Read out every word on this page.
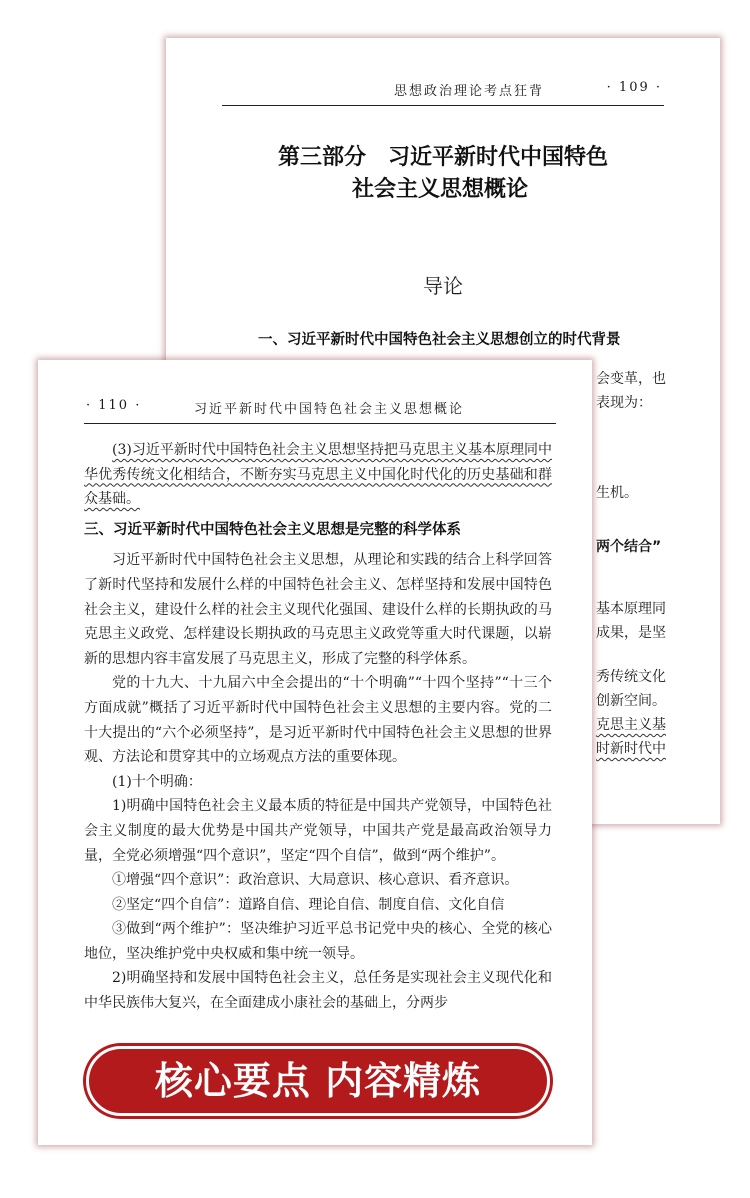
思想政治理论考点狂背	· 109 ·
第三部分　习近平新时代中国特色
社会主义思想概论
导论
一、习近平新时代中国特色社会主义思想创立的时代背景
会变革，也
表现为：
生机。
两个结合”
基本原理同
成果，是坚
秀传统文化
创新空间。
克思主义基
时新时代中
· 110 ·	习近平新时代中国特色社会主义思想概论

(3)习近平新时代中国特色社会主义思想坚持把马克思主义基本原理同中华优秀传统文化相结合，不断夯实马克思主义中国化时代化的历史基础和群众基础。

三、习近平新时代中国特色社会主义思想是完整的科学体系

习近平新时代中国特色社会主义思想，从理论和实践的结合上科学回答了新时代坚持和发展什么样的中国特色社会主义、怎样坚持和发展中国特色社会主义，建设什么样的社会主义现代化强国、建设什么样的长期执政的马克思主义政党、怎样建设长期执政的马克思主义政党等重大时代课题，以崭新的思想内容丰富发展了马克思主义，形成了完整的科学体系。

党的十九大、十九届六中全会提出的“十个明确”“十四个坚持”“十三个方面成就”概括了习近平新时代中国特色社会主义思想的主要内容。党的二十大提出的“六个必须坚持”，是习近平新时代中国特色社会主义思想的世界观、方法论和贯穿其中的立场观点方法的重要体现。

(1)十个明确：

1)明确中国特色社会主义最本质的特征是中国共产党领导，中国特色社会主义制度的最大优势是中国共产党领导，中国共产党是最高政治领导力量，全党必须增强“四个意识”，坚定“四个自信”，做到“两个维护”。

①增强“四个意识”：政治意识、大局意识、核心意识、看齐意识。

②坚定“四个自信”：道路自信、理论自信、制度自信、文化自信

③做到“两个维护”：坚决维护习近平总书记党中央的核心、全党的核心地位，坚决维护党中央权威和集中统一领导。

2)明确坚持和发展中国特色社会主义，总任务是实现社会主义现代化和中华民族伟大复兴，在全面建成小康社会的基础上，分两步

核心要点 内容精炼
